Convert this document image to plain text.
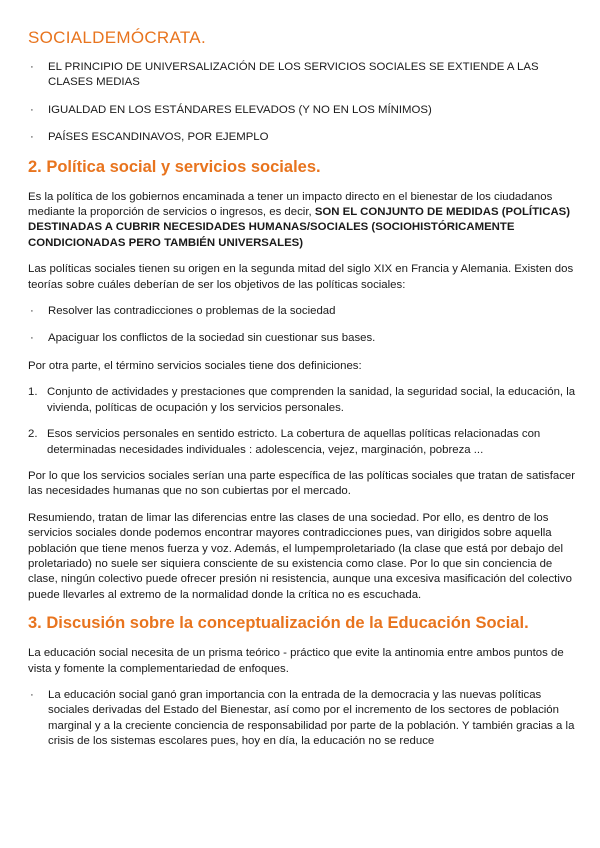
SOCIALDEMÓCRATA.
· EL PRINCIPIO DE UNIVERSALIZACIÓN DE LOS SERVICIOS SOCIALES SE EXTIENDE A LAS CLASES MEDIAS
· IGUALDAD EN LOS ESTÁNDARES ELEVADOS (Y NO EN LOS MÍNIMOS)
· PAÍSES ESCANDINAVOS, POR EJEMPLO
2. Política social y servicios sociales.

Es la política de los gobiernos encaminada a tener un impacto directo en el bienestar de los ciudadanos mediante la proporción de servicios o ingresos, es decir, SON EL CONJUNTO DE MEDIDAS (POLÍTICAS) DESTINADAS A CUBRIR NECESIDADES HUMANAS/SOCIALES (SOCIOHISTÓRICAMENTE CONDICIONADAS PERO TAMBIÉN UNIVERSALES)

Las políticas sociales tienen su origen en la segunda mitad del siglo XIX en Francia y Alemania. Existen dos teorías sobre cuáles deberían de ser los objetivos de las políticas sociales:

· Resolver las contradicciones o problemas de la sociedad
· Apaciguar los conflictos de la sociedad sin cuestionar sus bases.

Por otra parte, el término servicios sociales tiene dos definiciones:

1. Conjunto de actividades y prestaciones que comprenden la sanidad, la seguridad social, la educación, la vivienda, políticas de ocupación y los servicios personales.
2. Esos servicios personales en sentido estricto. La cobertura de aquellas políticas relacionadas con determinadas necesidades individuales : adolescencia, vejez, marginación, pobreza ...

Por lo que los servicios sociales serían una parte específica de las políticas sociales que tratan de satisfacer las necesidades humanas que no son cubiertas por el mercado.

Resumiendo, tratan de limar las diferencias entre las clases de una sociedad. Por ello, es dentro de los servicios sociales donde podemos encontrar mayores contradicciones pues, van dirigidos sobre aquella población que tiene menos fuerza y voz. Además, el lumpemproletariado (la clase que está por debajo del proletariado) no suele ser siquiera consciente de su existencia como clase. Por lo que sin conciencia de clase, ningún colectivo puede ofrecer presión ni resistencia, aunque una excesiva masificación del colectivo puede llevarles al extremo de la normalidad donde la crítica no es escuchada.

3. Discusión sobre la conceptualización de la Educación Social.

La educación social necesita de un prisma teórico - práctico que evite la antinomia entre ambos puntos de vista y fomente la complementariedad de enfoques.

· La educación social ganó gran importancia con la entrada de la democracia y las nuevas políticas sociales derivadas del Estado del Bienestar, así como por el incremento de los sectores de población marginal y a la creciente conciencia de responsabilidad por parte de la población. Y también gracias a la crisis de los sistemas escolares pues, hoy en día, la educación no se reduce
